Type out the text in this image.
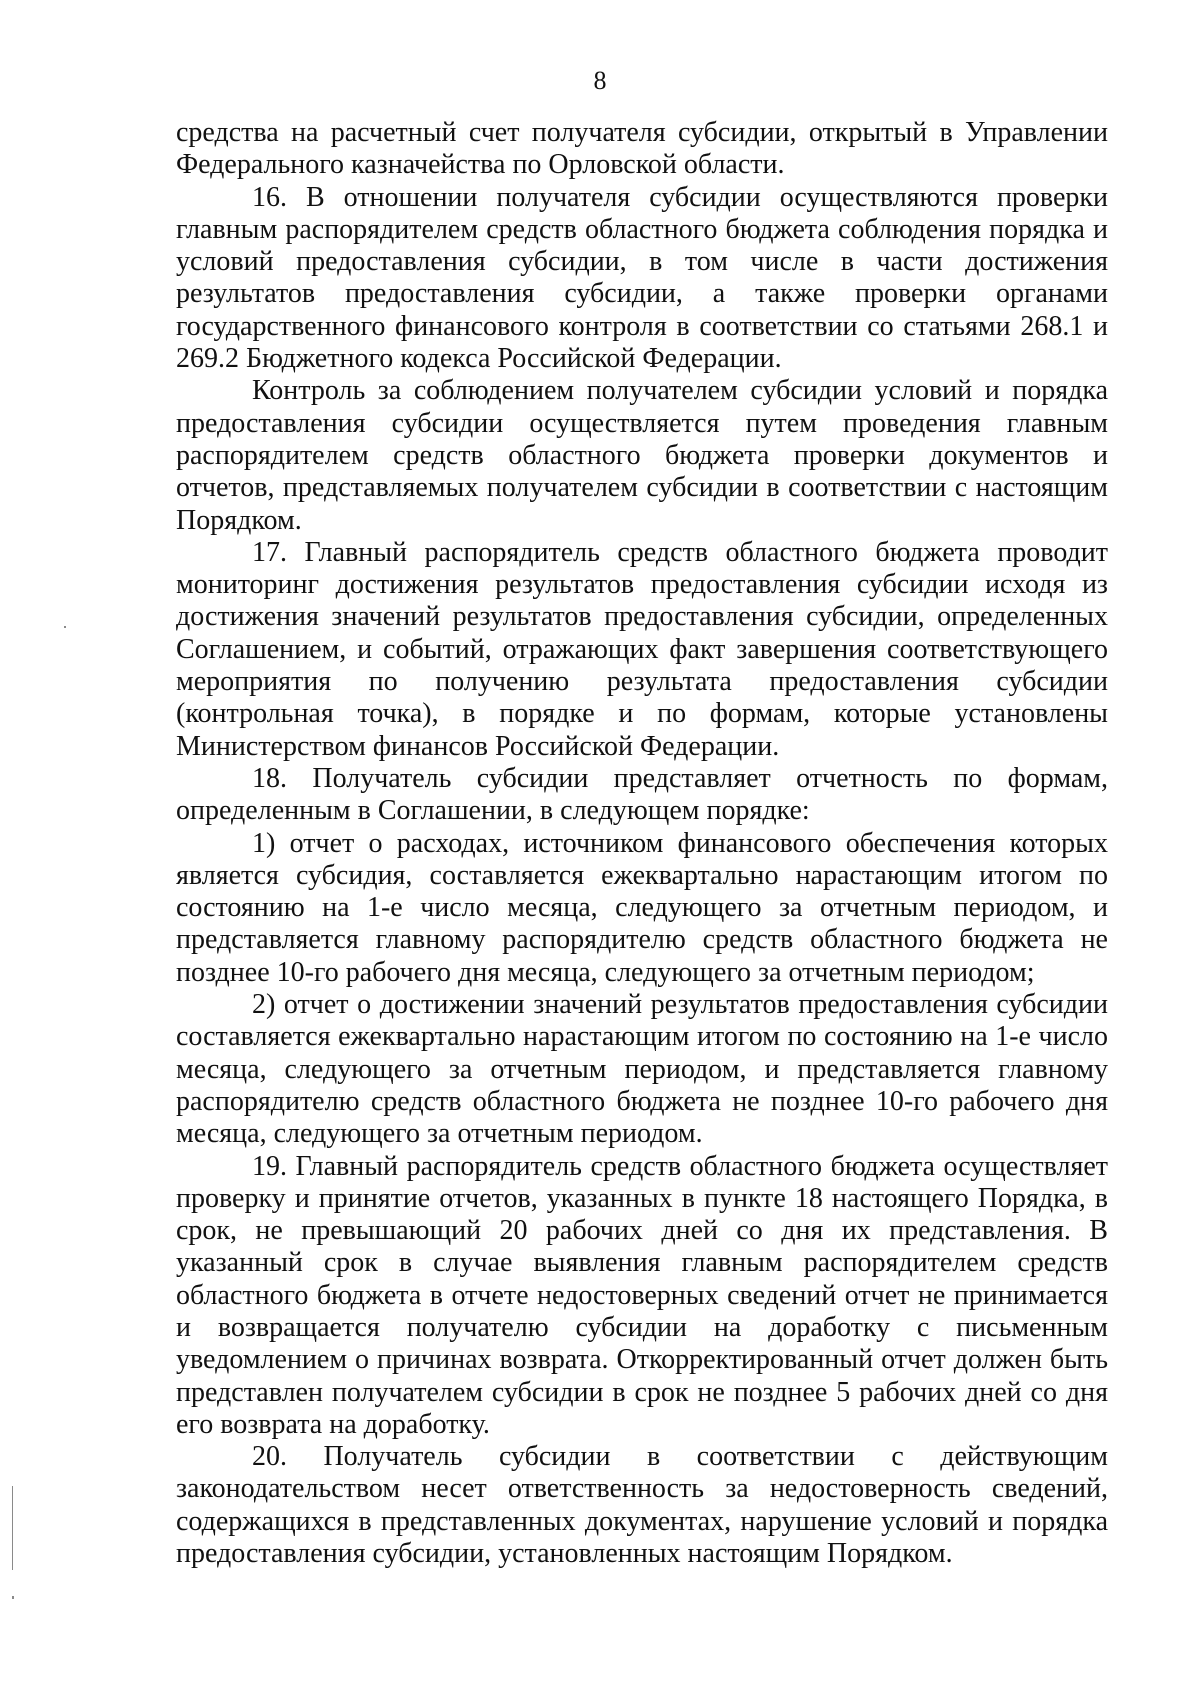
8

средства на расчетный счет получателя субсидии, открытый в Управлении Федерального казначейства по Орловской области.

16. В отношении получателя субсидии осуществляются проверки главным распорядителем средств областного бюджета соблюдения порядка и условий предоставления субсидии, в том числе в части достижения результатов предоставления субсидии, а также проверки органами государственного финансового контроля в соответствии со статьями 268.1 и 269.2 Бюджетного кодекса Российской Федерации.

Контроль за соблюдением получателем субсидии условий и порядка предоставления субсидии осуществляется путем проведения главным распорядителем средств областного бюджета проверки документов и отчетов, представляемых получателем субсидии в соответствии с настоящим Порядком.

17. Главный распорядитель средств областного бюджета проводит мониторинг достижения результатов предоставления субсидии исходя из достижения значений результатов предоставления субсидии, определенных Соглашением, и событий, отражающих факт завершения соответствующего мероприятия по получению результата предоставления субсидии (контрольная точка), в порядке и по формам, которые установлены Министерством финансов Российской Федерации.

18. Получатель субсидии представляет отчетность по формам, определенным в Соглашении, в следующем порядке:

1) отчет о расходах, источником финансового обеспечения которых является субсидия, составляется ежеквартально нарастающим итогом по состоянию на 1-е число месяца, следующего за отчетным периодом, и представляется главному распорядителю средств областного бюджета не позднее 10-го рабочего дня месяца, следующего за отчетным периодом;

2) отчет о достижении значений результатов предоставления субсидии составляется ежеквартально нарастающим итогом по состоянию на 1-е число месяца, следующего за отчетным периодом, и представляется главному распорядителю средств областного бюджета не позднее 10-го рабочего дня месяца, следующего за отчетным периодом.

19. Главный распорядитель средств областного бюджета осуществляет проверку и принятие отчетов, указанных в пункте 18 настоящего Порядка, в срок, не превышающий 20 рабочих дней со дня их представления. В указанный срок в случае выявления главным распорядителем средств областного бюджета в отчете недостоверных сведений отчет не принимается и возвращается получателю субсидии на доработку с письменным уведомлением о причинах возврата. Откорректированный отчет должен быть представлен получателем субсидии в срок не позднее 5 рабочих дней со дня его возврата на доработку.

20. Получатель субсидии в соответствии с действующим законодательством несет ответственность за недостоверность сведений, содержащихся в представленных документах, нарушение условий и порядка предоставления субсидии, установленных настоящим Порядком.
